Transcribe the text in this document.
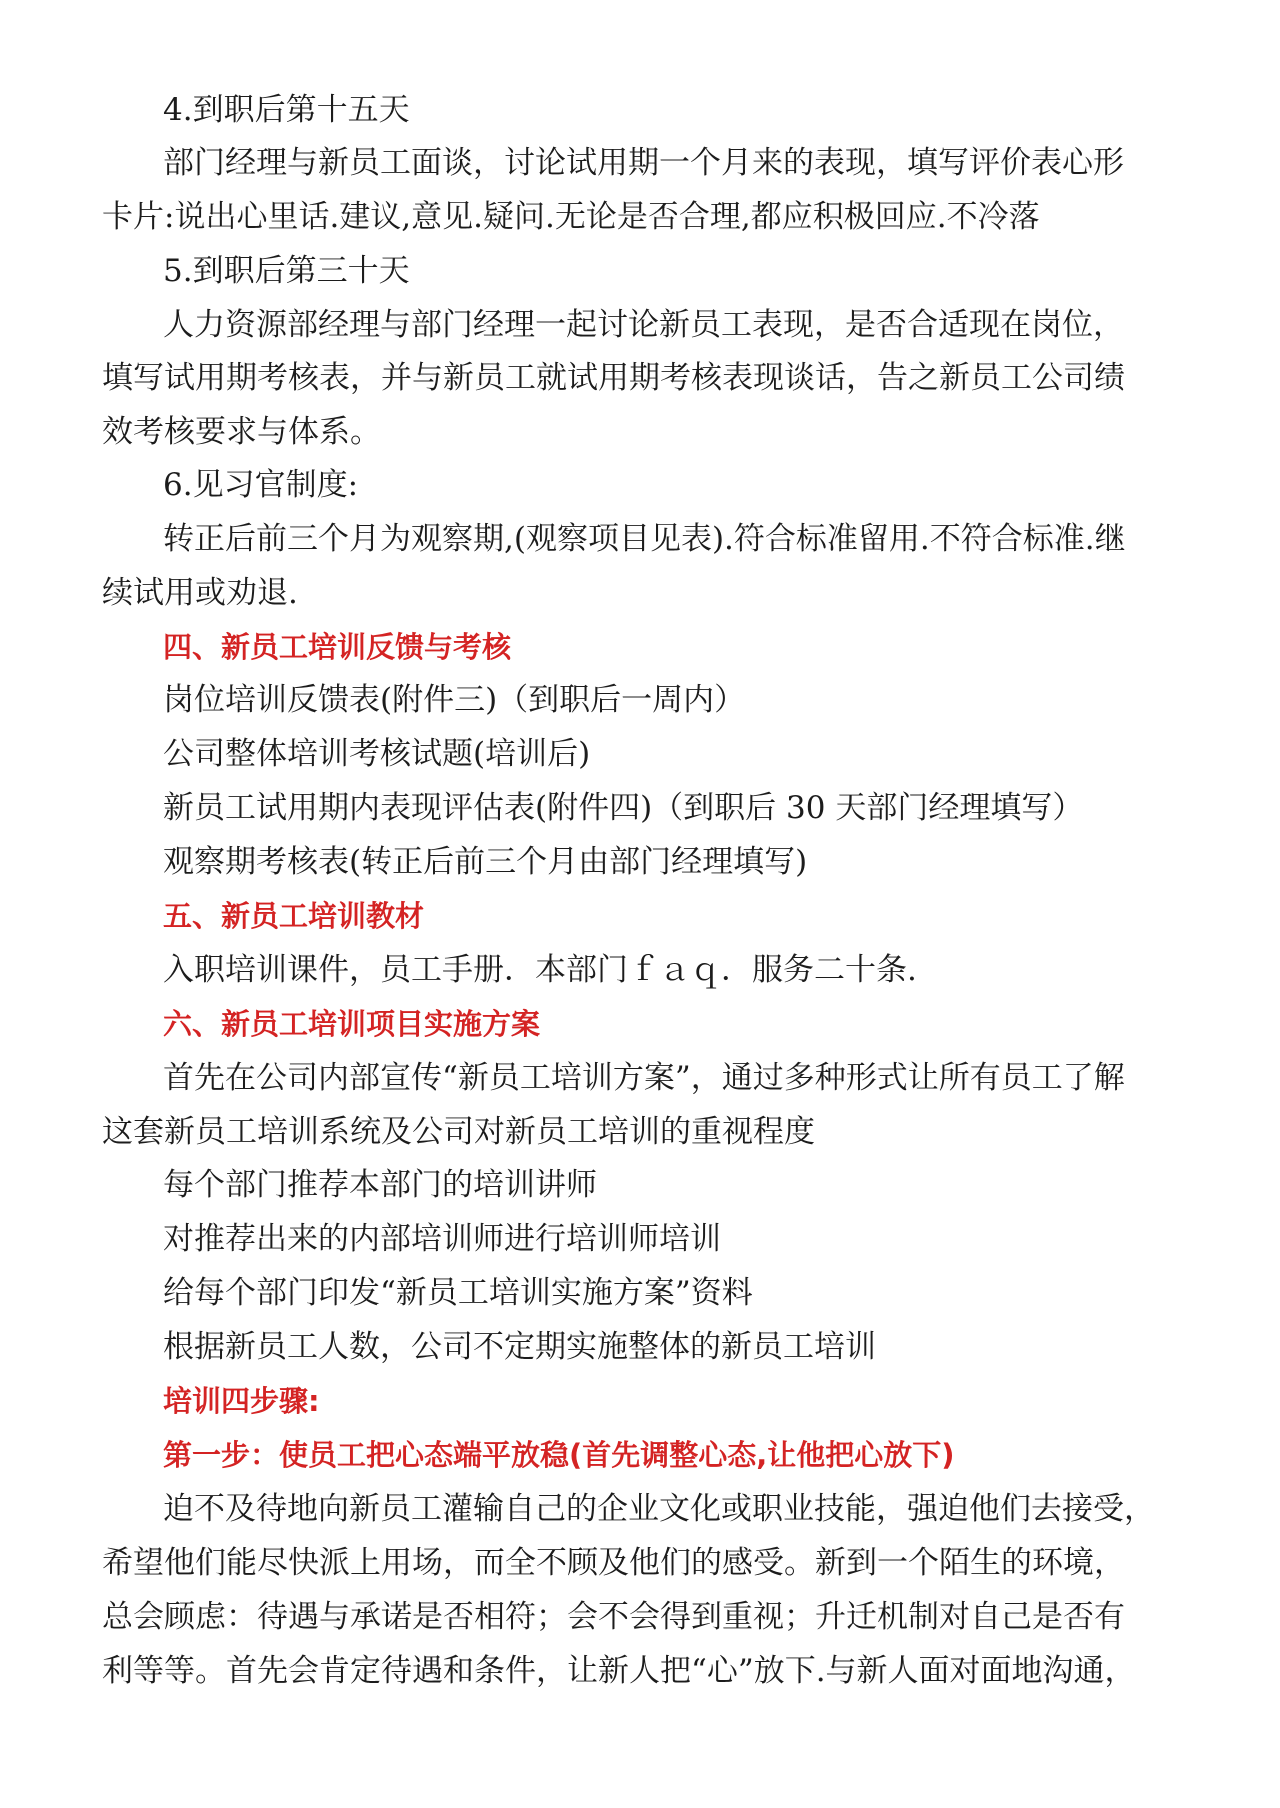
4.到职后第十五天
部门经理与新员工面谈，讨论试用期一个月来的表现，填写评价表心形
卡片:说出心里话.建议,意见.疑问.无论是否合理,都应积极回应.不冷落
5.到职后第三十天
人力资源部经理与部门经理一起讨论新员工表现，是否合适现在岗位，
填写试用期考核表，并与新员工就试用期考核表现谈话，告之新员工公司绩
效考核要求与体系。
6.见习官制度:
转正后前三个月为观察期,(观察项目见表).符合标准留用.不符合标准.继
续试用或劝退.
四、新员工培训反馈与考核
岗位培训反馈表(附件三)（到职后一周内）
公司整体培训考核试题(培训后)
新员工试用期内表现评估表(附件四)（到职后 30 天部门经理填写）
观察期考核表(转正后前三个月由部门经理填写)
五、新员工培训教材
入职培训课件，员工手册．本部门ｆａｑ．服务二十条.
六、新员工培训项目实施方案
首先在公司内部宣传“新员工培训方案”，通过多种形式让所有员工了解
这套新员工培训系统及公司对新员工培训的重视程度
每个部门推荐本部门的培训讲师
对推荐出来的内部培训师进行培训师培训
给每个部门印发“新员工培训实施方案”资料
根据新员工人数，公司不定期实施整体的新员工培训
培训四步骤:
第一步：使员工把心态端平放稳(首先调整心态,让他把心放下)
迫不及待地向新员工灌输自己的企业文化或职业技能，强迫他们去接受，
希望他们能尽快派上用场，而全不顾及他们的感受。新到一个陌生的环境，
总会顾虑：待遇与承诺是否相符；会不会得到重视；升迁机制对自己是否有
利等等。首先会肯定待遇和条件，让新人把“心”放下.与新人面对面地沟通，
